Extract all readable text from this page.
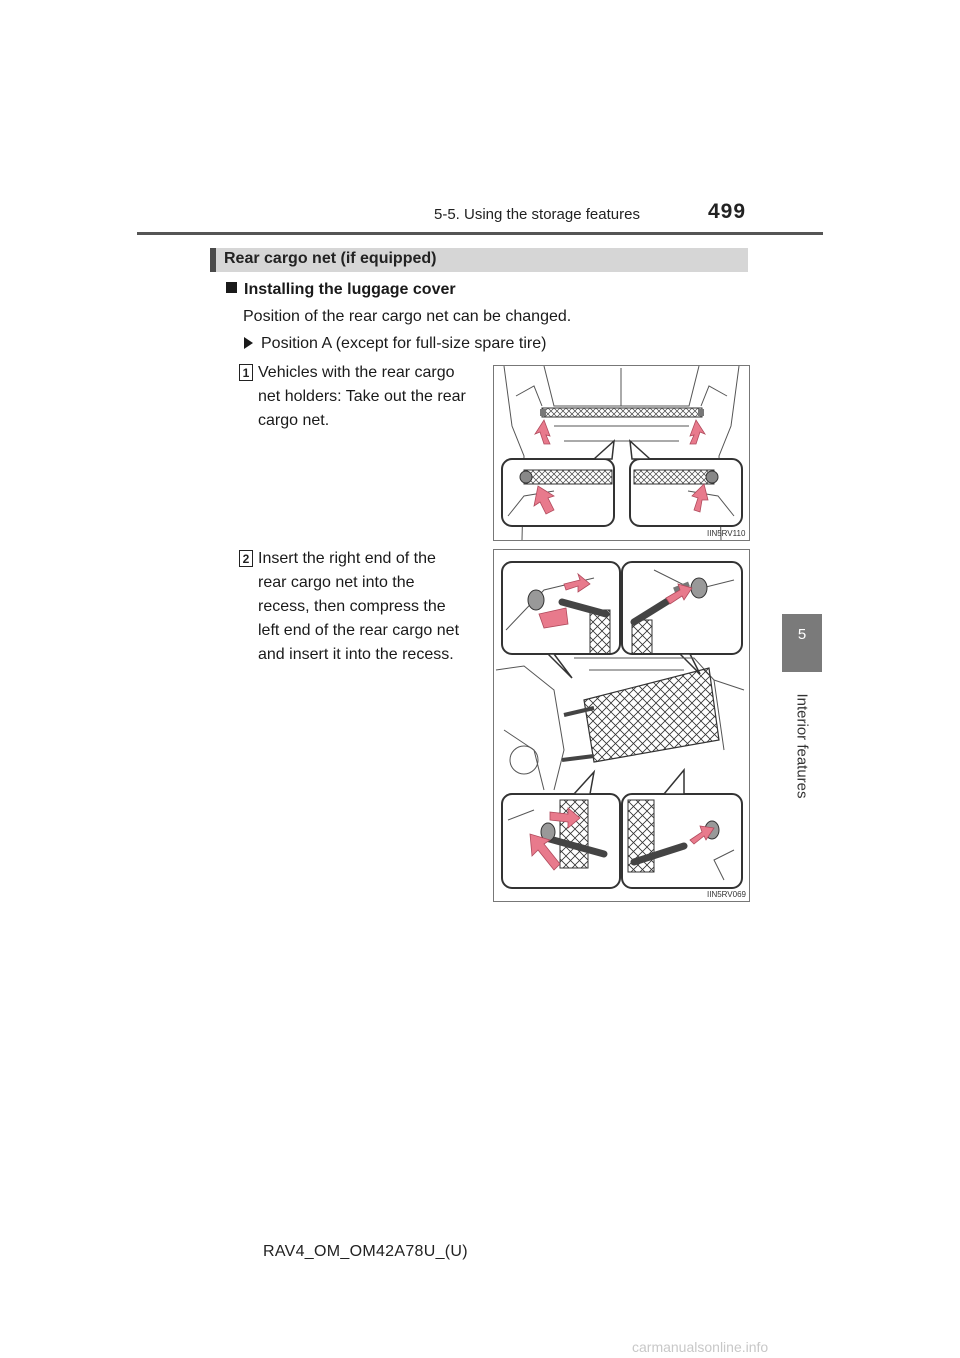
5-5. Using the storage features	499
5
Interior features
Rear cargo net (if equipped)
Installing the luggage cover
Position of the rear cargo net can be changed.
Position A (except for full-size spare tire)
1 Vehicles with the rear cargo
net holders: Take out the rear
cargo net.
2 Insert the right end of the
rear cargo net into the
recess, then compress the
left end of the rear cargo net
and insert it into the recess.
IIN5RV110
IIN5RV069
RAV4_OM_OM42A78U_(U)
carmanualsonline.info
